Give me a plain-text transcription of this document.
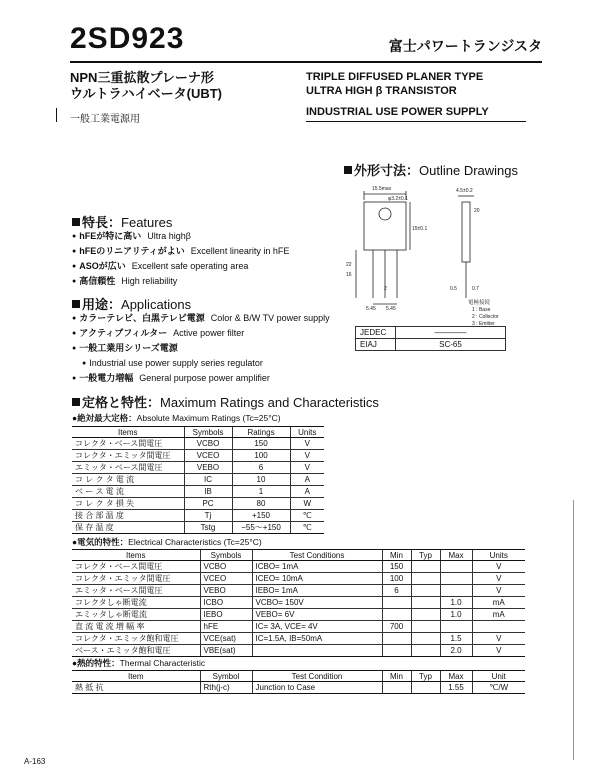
2SD923	富士パワートランジスタ
NPN三重拡散プレーナ形
ウルトラハイベータ(UBT)
TRIPLE DIFFUSED PLANER TYPE
ULTRA HIGH β TRANSISTOR
一般工業電源用
INDUSTRIAL USE POWER SUPPLY
外形寸法：Outline Drawings
15.5max
φ3.2±0.1
4.5±0.2
20
22
16
5.45 5.45
0.5	0.7
2
15±0.1
電極接続
1 : Base
2 : Collector
3 : Emitter
JEDEC	――――
EIAJ	SC-65
特長：Features
● hFEが特に高い Ultra highβ
● hFEのリニアリティがよい Excellent linearity in hFE
● ASOが広い Excellent safe operating area
● 高信頼性 High reliability
用途：Applications
● カラーテレビ、白黒テレビ電源 Color & B/W TV power supply
● アクティブフィルター Active power filter
● 一般工業用シリーズ電源
● Industrial use power supply series regulator
● 一般電力増幅 General purpose power amplifier
定格と特性：Maximum Ratings and Characteristics
●絶対最大定格：Absolute Maximum Ratings (Tc=25°C)
Items	Symbols	Ratings	Units
コレクタ・ベース間電圧	VCBO	150	V
コレクタ・エミッタ間電圧	VCEO	100	V
エミッタ・ベース間電圧	VEBO	6	V
コ レ ク タ 電 流	IC	10	A
ベ ー ス 電 流	IB	1	A
コ レ ク タ 損 失	PC	80	W
接 合 部 温 度	Tj	+150	℃
保 存 温 度	Tstg	−55～+150	℃
●電気的特性：Electrical Characteristics (Tc=25°C)
Items	Symbols	Test Conditions	Min	Typ	Max	Units
コレクタ・ベース間電圧	VCBO	ICBO= 1mA	150			V
コレクタ・エミッタ間電圧	VCEO	ICEO= 10mA	100			V
エミッタ・ベース間電圧	VEBO	IEBO= 1mA	6			V
コレクタしゃ断電流	ICBO	VCBO= 150V			1.0	mA
エミッタしゃ断電流	IEBO	VEBO= 6V			1.0	mA
直 流 電 流 増 幅 率	hFE	IC= 3A, VCE= 4V	700			
コレクタ・エミッタ飽和電圧	VCE(sat)	IC=1.5A, IB=50mA			1.5	V
ベース・エミッタ飽和電圧	VBE(sat)				2.0	V
●熱的特性：Thermal Characteristic
Item	Symbol	Test Condition	Min	Typ	Max	Unit
熱 抵 抗	Rth(j-c)	Junction to Case			1.55	℃/W
A-163
